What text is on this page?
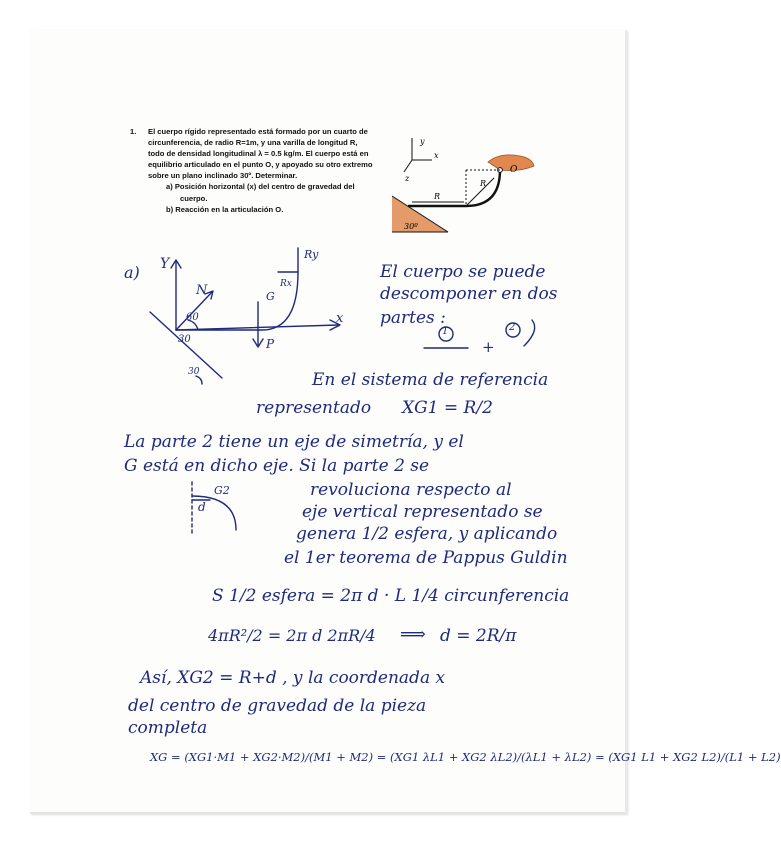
1. El cuerpo rígido representado está formado por un cuarto de circunferencia, de radio R=1m, y una varilla de longitud R, todo de densidad longitudinal λ = 0.5 kg/m. El cuerpo está en equilibrio articulado en el punto O, y apoyado su otro extremo sobre un plano inclinado 30º. Determinar.
a) Posición horizontal (x) del centro de gravedad del cuerpo.
b) Reacción en la articulación O.
y
x
z
R
O
R
30º
a) Y
x
N	G
P
Ry
Rx
60
30
30
El cuerpo se puede
descomponer en dos
partes :
1
+
2
En el sistema de referencia
representado XG1 = R/2
La parte 2 tiene un eje de simetría, y el
G está en dicho eje. Si la parte 2 se
revoluciona respecto al
eje vertical representado se
genera 1/2 esfera, y aplicando
el 1er teorema de Pappus Guldin
G2
d
S 1/2 esfera = 2π d · L 1/4 circunferencia
4πR²/2 = 2π d 2πR/4 ⟹ d = 2R/π
Así, XG2 = R+d , y la coordenada x
del centro de gravedad de la pieza
completa
XG = (XG1·M1 + XG2·M2)/(M1 + M2) = (XG1 λL1 + XG2 λL2)/(λL1 + λL2) = (XG1 L1 + XG2 L2)/(L1 + L2)
